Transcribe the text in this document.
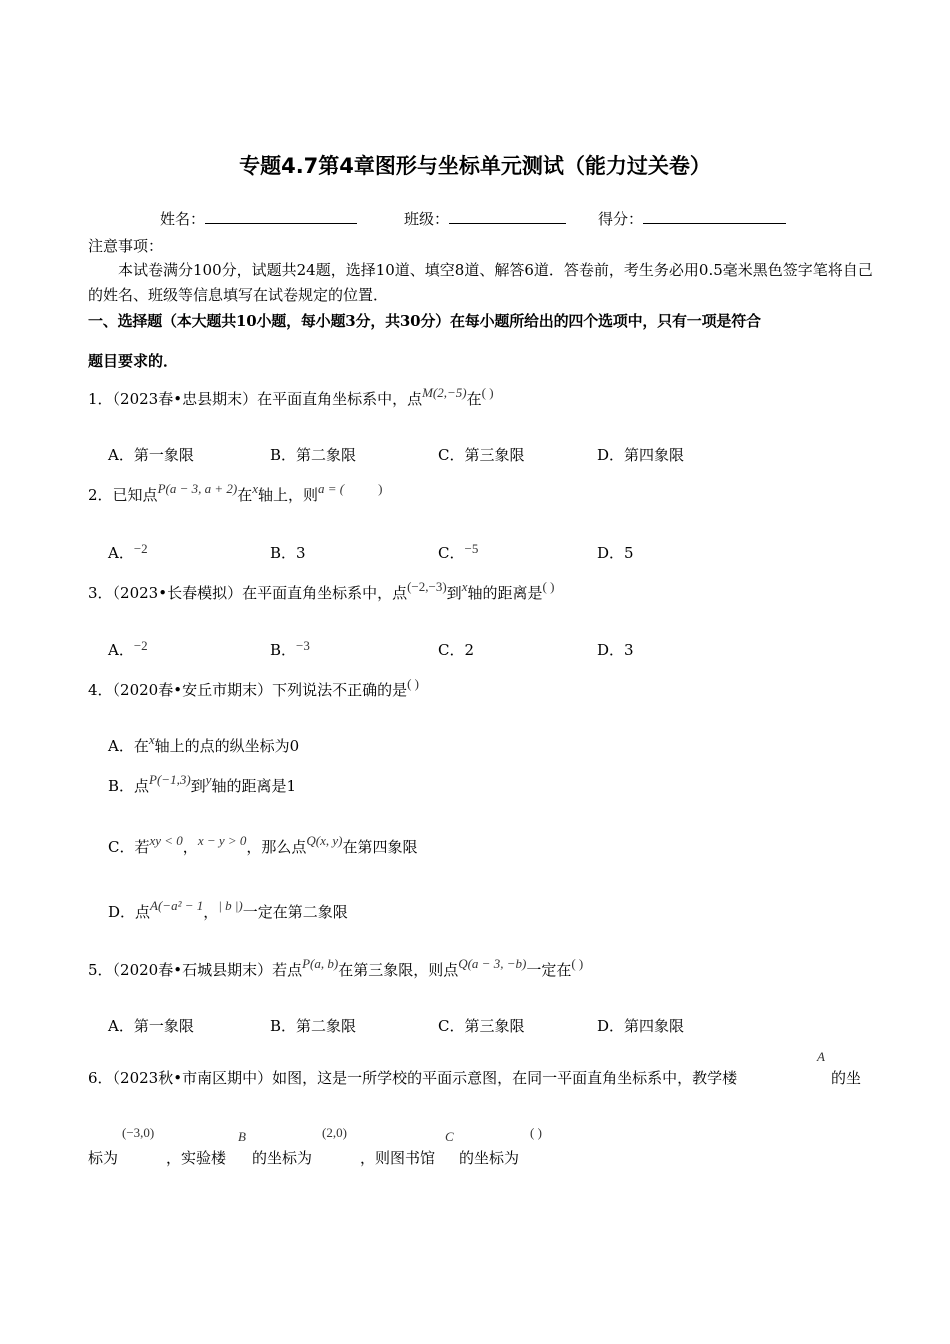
专题4.7第4章图形与坐标单元测试（能力过关卷）
姓名：	班级：	得分：
注意事项：
本试卷满分100分，试题共24题，选择10道、填空8道、解答6道．答卷前，考生务必用0.5毫米黑色签字笔将自己的姓名、班级等信息填写在试卷规定的位置．
一、选择题（本大题共10小题，每小题3分，共30分）在每小题所给出的四个选项中，只有一项是符合
题目要求的．
1．（2023春•忠县期末）在平面直角坐标系中，点M(2,−5)在( )
A．第一象限	B．第二象限	C．第三象限	D．第四象限
2．已知点P(a − 3, a + 2)在x轴上，则a = (	)
A．−2	B．3	C．−5	D．5
3．（2023•长春模拟）在平面直角坐标系中，点(−2,−3)到x轴的距离是( )
A．−2	B．−3	C．2	D．3
4．（2020春•安丘市期末）下列说法不正确的是( )
A．在x轴上的点的纵坐标为0
B．点P(−1,3)到y轴的距离是1
C．若xy < 0，x − y > 0，那么点Q(x, y)在第四象限
D．点A(−a² − 1，| b |)一定在第二象限
5．（2020春•石城县期末）若点P(a, b)在第三象限，则点Q(a − 3, −b)一定在( )
A．第一象限	B．第二象限	C．第三象限	D．第四象限
6．（2023秋•市南区期中）如图，这是一所学校的平面示意图，在同一平面直角坐标系中，教学楼
A
的坐
标为
(−3,0)
，实验楼
B
的坐标为
(2,0)
，则图书馆
C
的坐标为
( )
